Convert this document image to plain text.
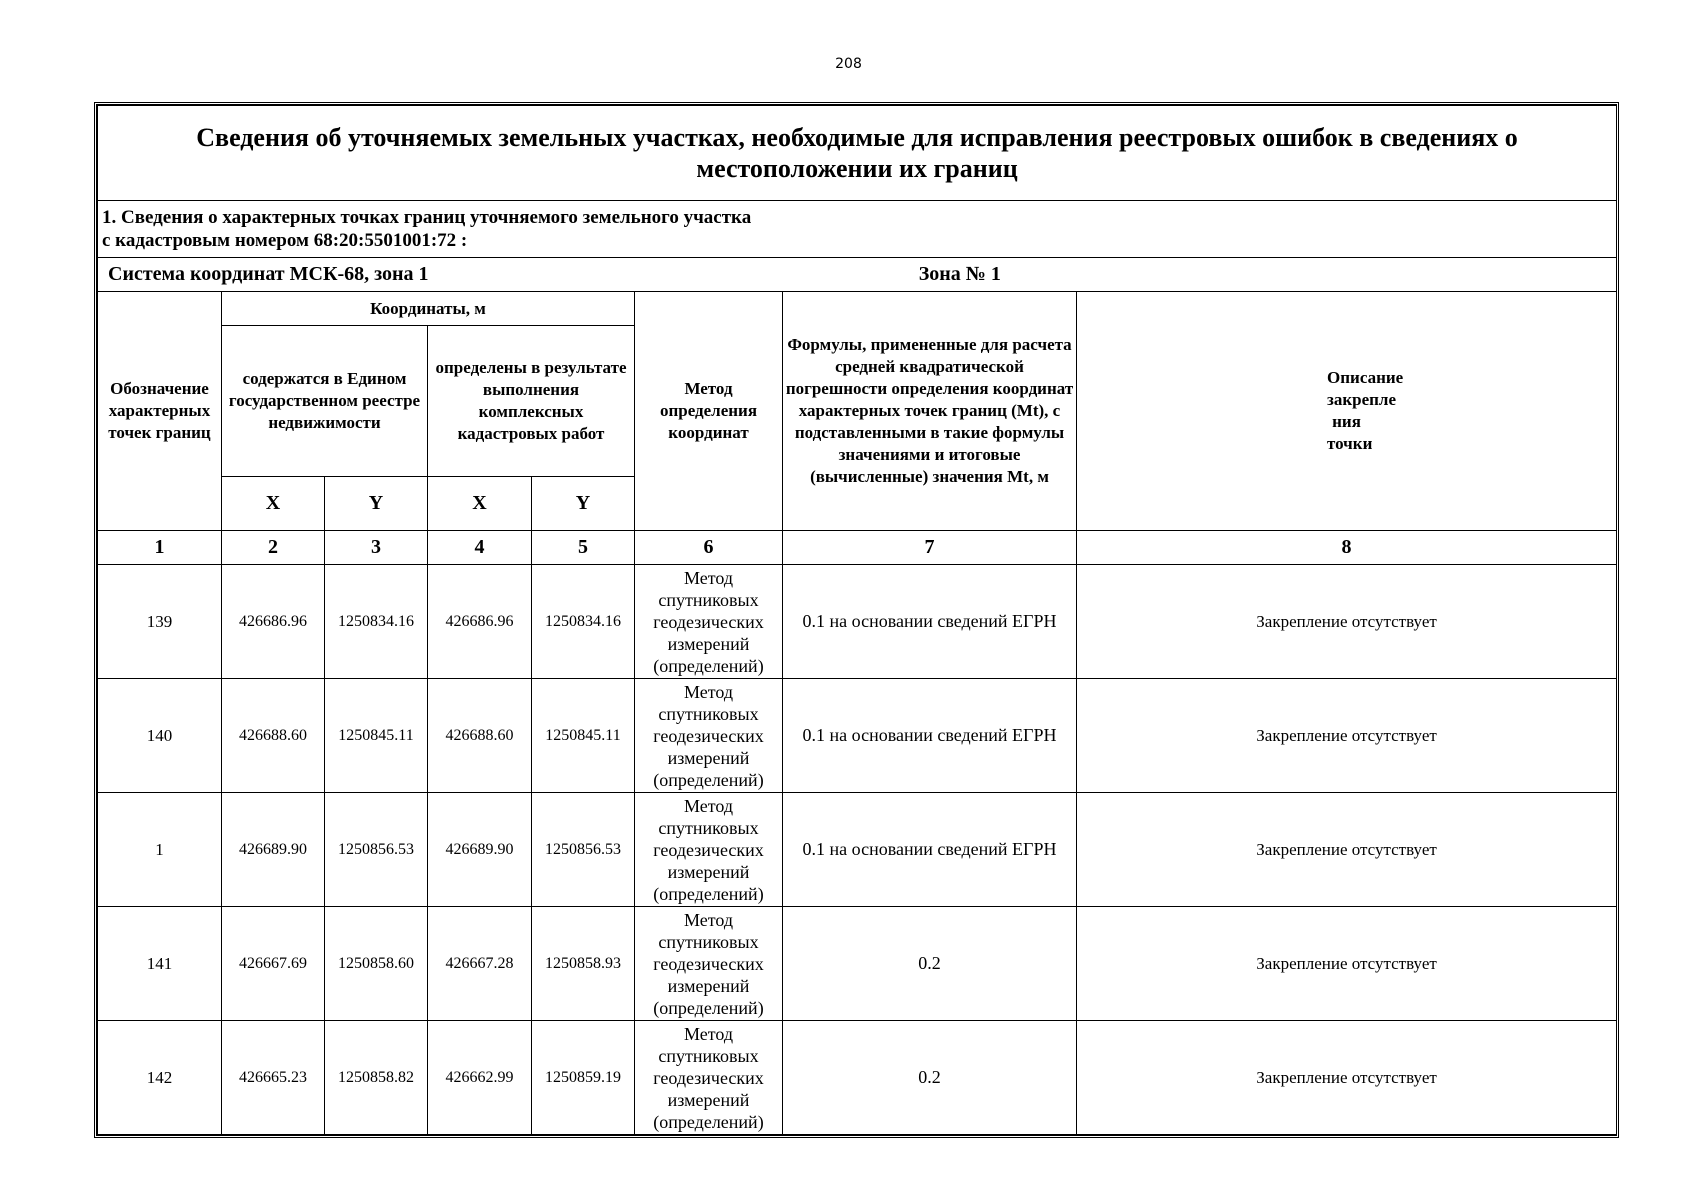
208
Сведения об уточняемых земельных участках, необходимые для исправления реестровых ошибок в сведениях о местоположении их границ							

1. Сведения о характерных точках границ уточняемого земельного участка
с кадастровым номером 68:20:5501001:72 :							

Система координат МСК-68, зона 1				Зона № 1			
Обозначение характерных точек границ	Координаты, м				Метод определения координат	Формулы, примененные для расчета средней квадратической погрешности определения координат характерных точек границ (Mt), с подставленными в такие формулы значениями и итоговые (вычисленные) значения Mt, м	Описание закрепле ния точки
	содержатся в Едином государственном реестре недвижимости		определены в результате выполнения комплексных кадастровых работ				
	X	Y	X	Y			
1	2	3	4	5	6	7	8
139	426686.96	1250834.16	426686.96	1250834.16	Метод спутниковых геодезических измерений (определений)	0.1 на основании сведений ЕГРН	Закрепление отсутствует
140	426688.60	1250845.11	426688.60	1250845.11	Метод спутниковых геодезических измерений (определений)	0.1 на основании сведений ЕГРН	Закрепление отсутствует
1	426689.90	1250856.53	426689.90	1250856.53	Метод спутниковых геодезических измерений (определений)	0.1 на основании сведений ЕГРН	Закрепление отсутствует
141	426667.69	1250858.60	426667.28	1250858.93	Метод спутниковых геодезических измерений (определений)	0.2	Закрепление отсутствует
142	426665.23	1250858.82	426662.99	1250859.19	Метод спутниковых геодезических измерений (определений)	0.2	Закрепление отсутствует
